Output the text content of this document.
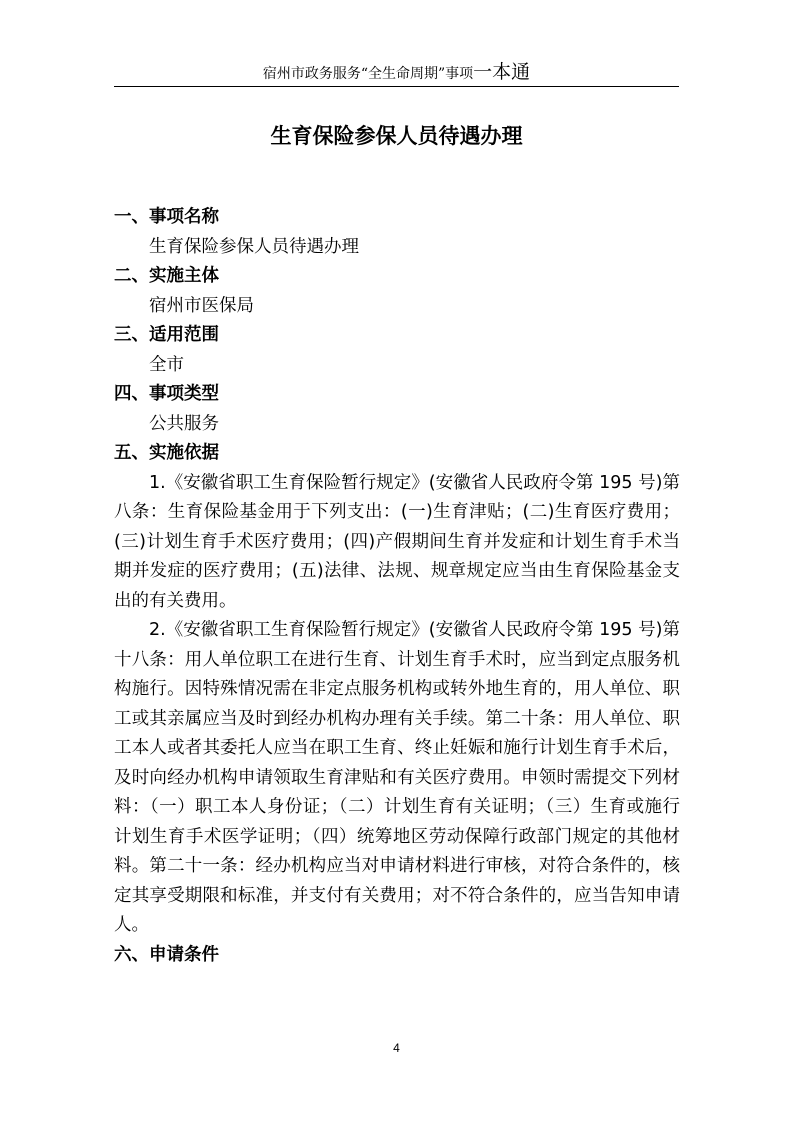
宿州市政务服务“全生命周期”事项一本通
生育保险参保人员待遇办理
一、事项名称
生育保险参保人员待遇办理
二、实施主体
宿州市医保局
三、适用范围
全市
四、事项类型
公共服务
五、实施依据
1.《安徽省职工生育保险暂行规定》(安徽省人民政府令第 195 号)第八条：生育保险基金用于下列支出：(一)生育津贴；(二)生育医疗费用；(三)计划生育手术医疗费用；(四)产假期间生育并发症和计划生育手术当期并发症的医疗费用；(五)法律、法规、规章规定应当由生育保险基金支出的有关费用。
2.《安徽省职工生育保险暂行规定》(安徽省人民政府令第 195 号)第十八条：用人单位职工在进行生育、计划生育手术时，应当到定点服务机构施行。因特殊情况需在非定点服务机构或转外地生育的，用人单位、职工或其亲属应当及时到经办机构办理有关手续。第二十条：用人单位、职工本人或者其委托人应当在职工生育、终止妊娠和施行计划生育手术后，及时向经办机构申请领取生育津贴和有关医疗费用。申领时需提交下列材料：（一）职工本人身份证；（二）计划生育有关证明；（三）生育或施行计划生育手术医学证明；（四）统筹地区劳动保障行政部门规定的其他材料。第二十一条：经办机构应当对申请材料进行审核，对符合条件的，核定其享受期限和标准，并支付有关费用；对不符合条件的，应当告知申请人。
六、申请条件
4
